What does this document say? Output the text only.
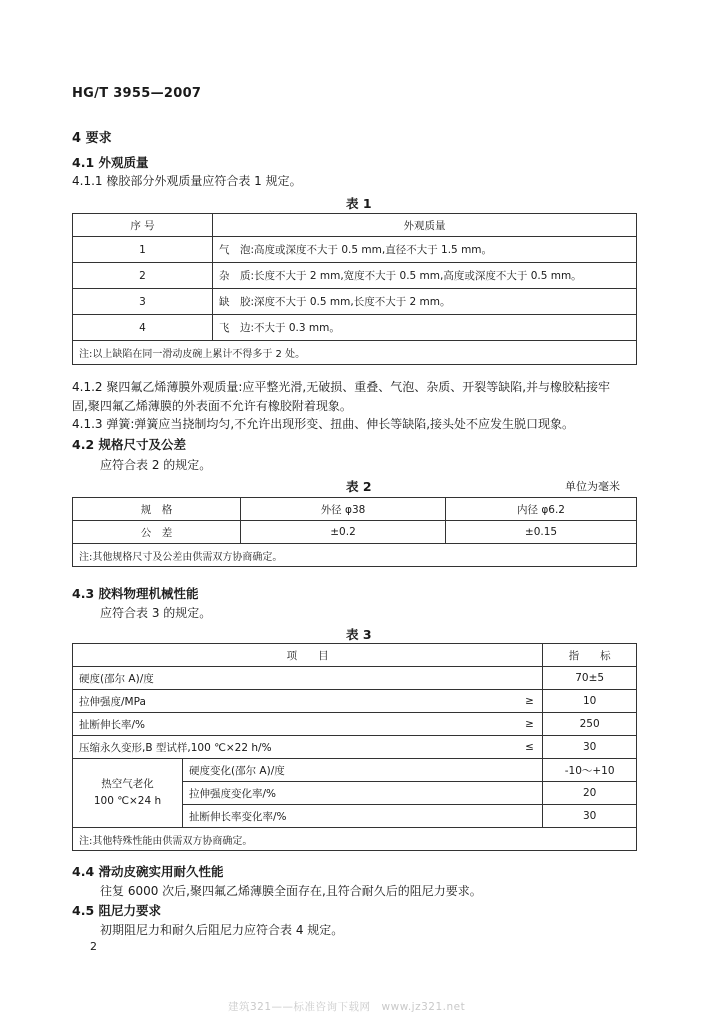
HG/T 3955—2007
4 要求
4.1 外观质量
4.1.1 橡胶部分外观质量应符合表 1 规定。
表 1
序 号	外观质量
1	气　泡:高度或深度不大于 0.5 mm,直径不大于 1.5 mm。
2	杂　质:长度不大于 2 mm,宽度不大于 0.5 mm,高度或深度不大于 0.5 mm。
3	缺　胶:深度不大于 0.5 mm,长度不大于 2 mm。
4	飞　边:不大于 0.3 mm。
注:以上缺陷在同一滑动皮碗上累计不得多于 2 处。	
4.1.2 聚四氟乙烯薄膜外观质量:应平整光滑,无破损、重叠、气泡、杂质、开裂等缺陷,并与橡胶粘接牢
固,聚四氟乙烯薄膜的外表面不允许有橡胶附着现象。
4.1.3 弹簧:弹簧应当挠制均匀,不允许出现形变、扭曲、伸长等缺陷,接头处不应发生脱口现象。
4.2 规格尺寸及公差
应符合表 2 的规定。
表 2	单位为毫米
规　格	外径 φ38	内径 φ6.2
公　差	±0.2	±0.15
注:其他规格尺寸及公差由供需双方协商确定。		
4.3 胶料物理机械性能
应符合表 3 的规定。
表 3
项　　目			指　　标
硬度(邵尔 A)/度			70±5
拉伸强度/MPa		≥	10
扯断伸长率/%		≥	250
压缩永久变形,B 型试样,100 ℃×22 h/%		≤	30

热空气老化
100 ℃×24 h	硬度变化(邵尔 A)/度		-10～+10
	拉伸强度变化率/%		20
	扯断伸长率变化率/%		30
注:其他特殊性能由供需双方协商确定。			
4.4 滑动皮碗实用耐久性能
往复 6000 次后,聚四氟乙烯薄膜全面存在,且符合耐久后的阻尼力要求。
4.5 阻尼力要求
初期阻尼力和耐久后阻尼力应符合表 4 规定。
2
建筑321——标准咨询下载网　www.jz321.net
